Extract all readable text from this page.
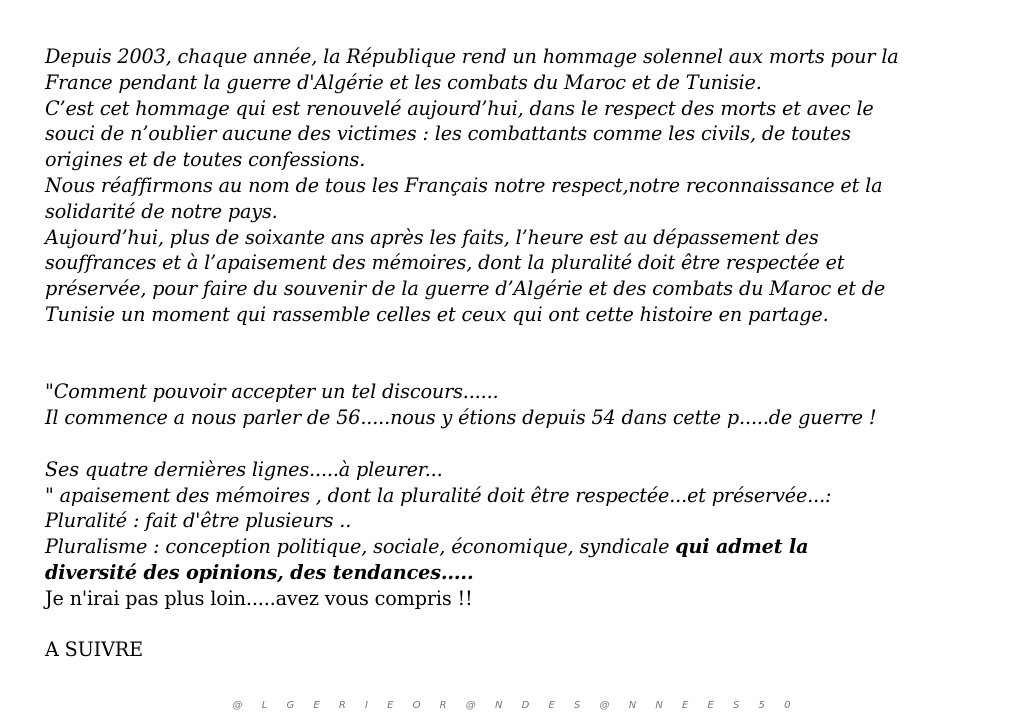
Depuis 2003, chaque année, la République rend un hommage solennel aux morts pour la
France pendant la guerre d'Algérie et les combats du Maroc et de Tunisie.
C’est cet hommage qui est renouvelé aujourd’hui, dans le respect des morts et avec le
souci de n’oublier aucune des victimes : les combattants comme les civils, de toutes
origines et de toutes confessions.
Nous réaffirmons au nom de tous les Français notre respect,notre reconnaissance et la
solidarité de notre pays.
Aujourd’hui, plus de soixante ans après les faits, l’heure est au dépassement des
souffrances et à l’apaisement des mémoires, dont la pluralité doit être respectée et
préservée, pour faire du souvenir de la guerre d’Algérie et des combats du Maroc et de
Tunisie un moment qui rassemble celles et ceux qui ont cette histoire en partage.
"Comment pouvoir accepter un tel discours......
Il commence a nous parler de 56.....nous y étions depuis 54 dans cette p.....de guerre !
Ses quatre dernières lignes.....à pleurer...
" apaisement des mémoires , dont la pluralité doit être respectée...et préservée...:
Pluralité : fait d'être plusieurs ..
Pluralisme : conception politique, sociale, économique, syndicale qui admet la
diversité des opinions, des tendances.....
Je n'irai pas plus loin.....avez vous compris !!
A SUIVRE
@ L G E R I E O R @ N D E S @ N N E E S 5 0
